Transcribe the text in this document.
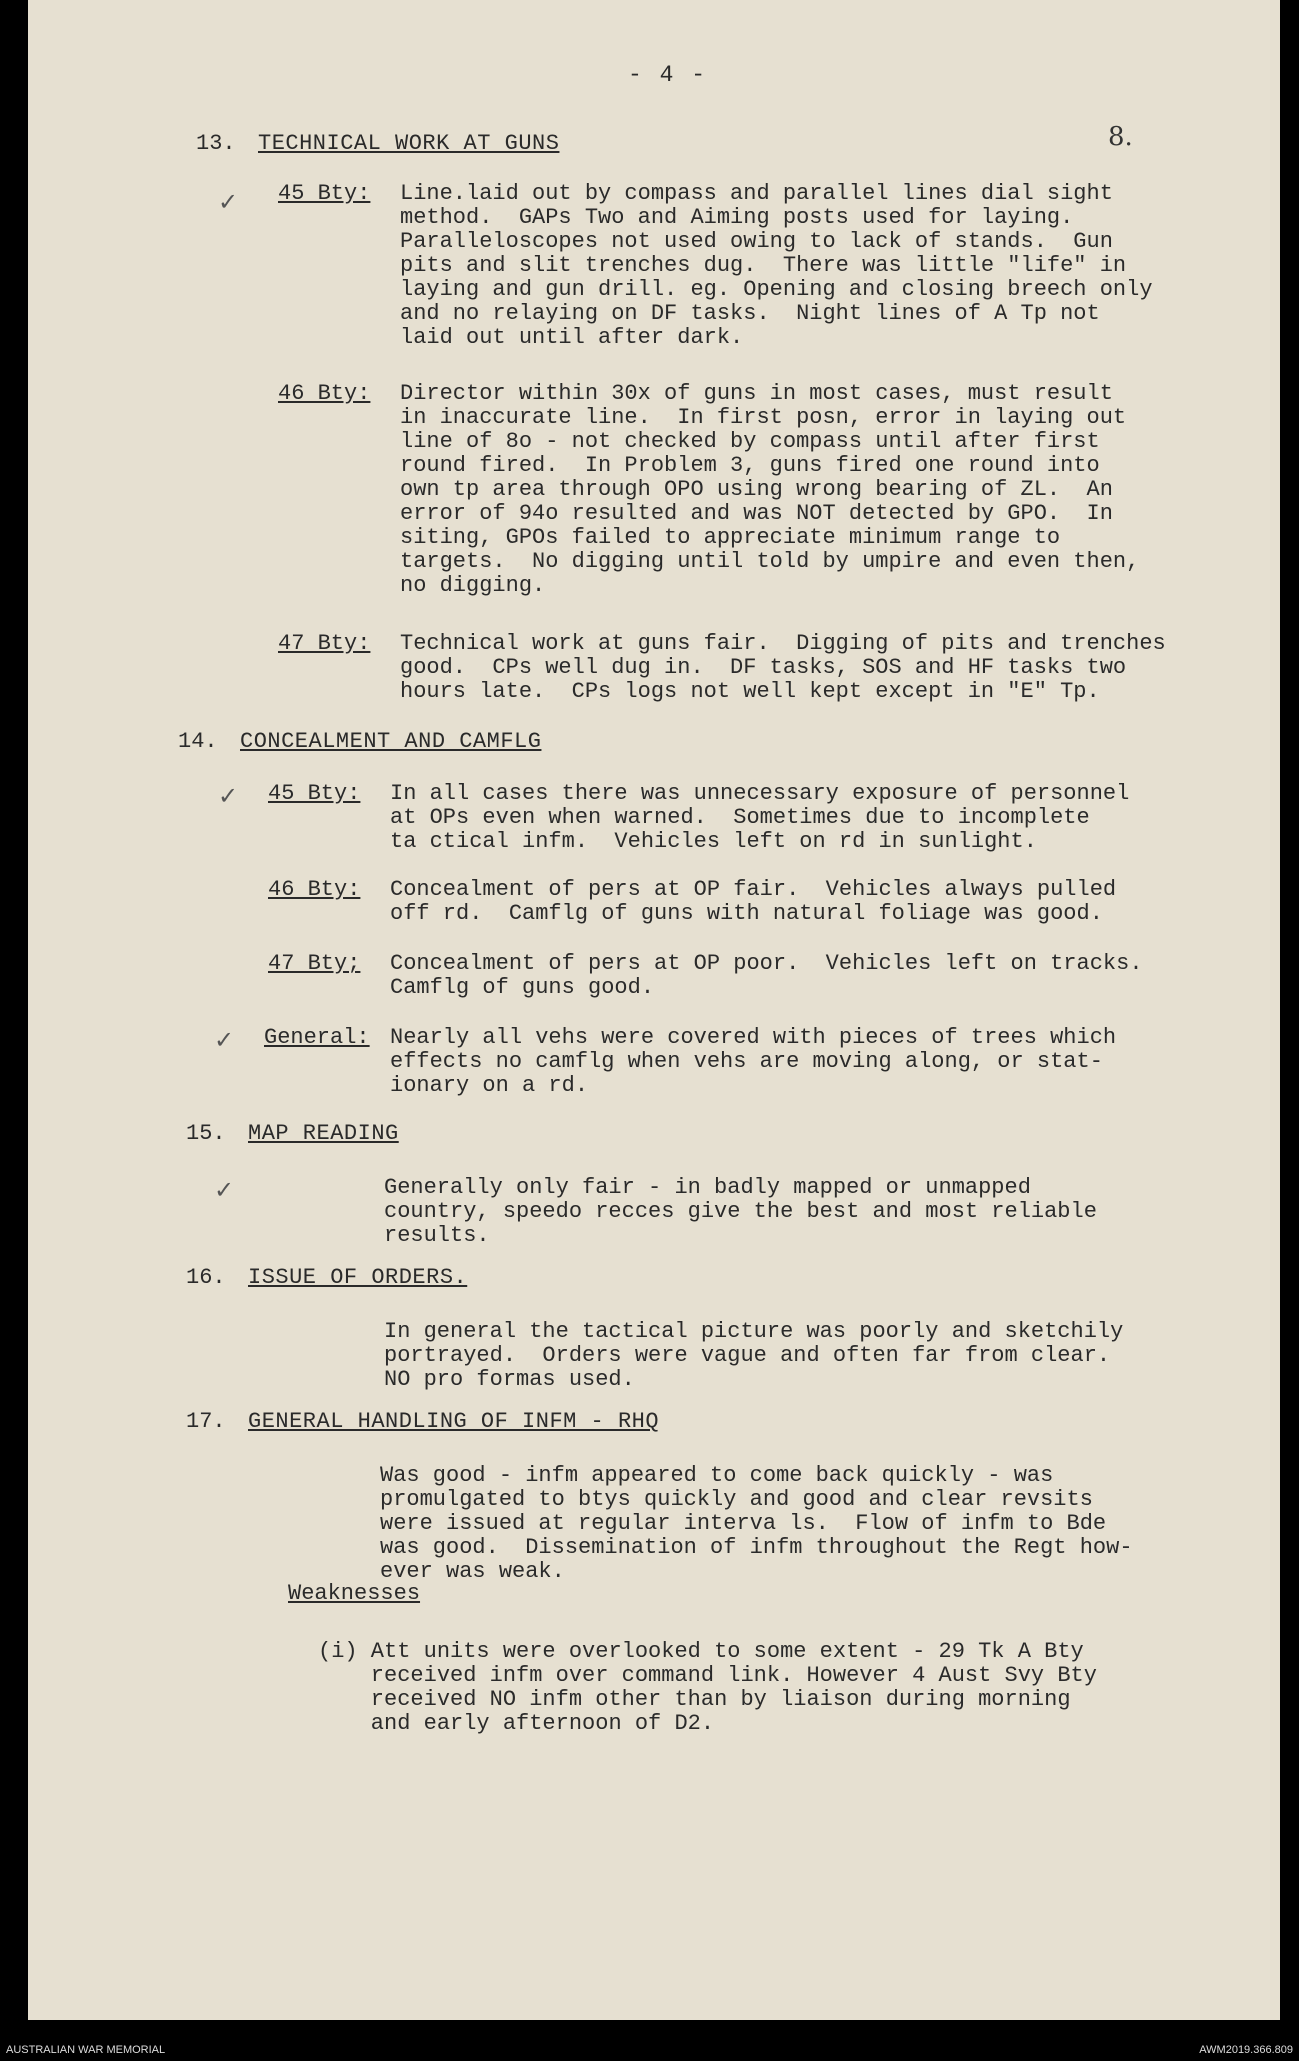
- 4 -
8.
13. TECHNICAL WORK AT GUNS
✓ 45 Bty: Line.laid out by compass and parallel lines dial sight
method.  GAPs Two and Aiming posts used for laying.
Paralleloscopes not used owing to lack of stands.  Gun
pits and slit trenches dug.  There was little "life" in
laying and gun drill. eg. Opening and closing breech only
and no relaying on DF tasks.  Night lines of A Tp not
laid out until after dark.
46 Bty: Director within 30x of guns in most cases, must result
in inaccurate line.  In first posn, error in laying out
line of 8o - not checked by compass until after first
round fired.  In Problem 3, guns fired one round into
own tp area through OPO using wrong bearing of ZL.  An
error of 94o resulted and was NOT detected by GPO.  In
siting, GPOs failed to appreciate minimum range to
targets.  No digging until told by umpire and even then,
no digging.
47 Bty: Technical work at guns fair.  Digging of pits and trenches
good.  CPs well dug in.  DF tasks, SOS and HF tasks two
hours late.  CPs logs not well kept except in "E" Tp.
14. CONCEALMENT AND CAMFLG
✓ 45 Bty: In all cases there was unnecessary exposure of personnel
at OPs even when warned.  Sometimes due to incomplete
ta ctical infm.  Vehicles left on rd in sunlight.
46 Bty: Concealment of pers at OP fair.  Vehicles always pulled
off rd.  Camflg of guns with natural foliage was good.
47 Bty; Concealment of pers at OP poor.  Vehicles left on tracks.
Camflg of guns good.
✓ General: Nearly all vehs were covered with pieces of trees which
effects no camflg when vehs are moving along, or stat-
ionary on a rd.
15. MAP READING
✓	Generally only fair - in badly mapped or unmapped
country, speedo recces give the best and most reliable
results.
16. ISSUE OF ORDERS.
In general the tactical picture was poorly and sketchily
portrayed.  Orders were vague and often far from clear.
NO pro formas used.
17. GENERAL HANDLING OF INFM - RHQ
Was good - infm appeared to come back quickly - was
promulgated to btys quickly and good and clear revsits
were issued at regular interva ls.  Flow of infm to Bde
was good.  Dissemination of infm throughout the Regt how-
ever was weak.
Weaknesses
(i) Att units were overlooked to some extent - 29 Tk A Bty
received infm over command link. However 4 Aust Svy Bty
received NO infm other than by liaison during morning
and early afternoon of D2.
AUSTRALIAN WAR MEMORIAL	AWM2019.366.809
